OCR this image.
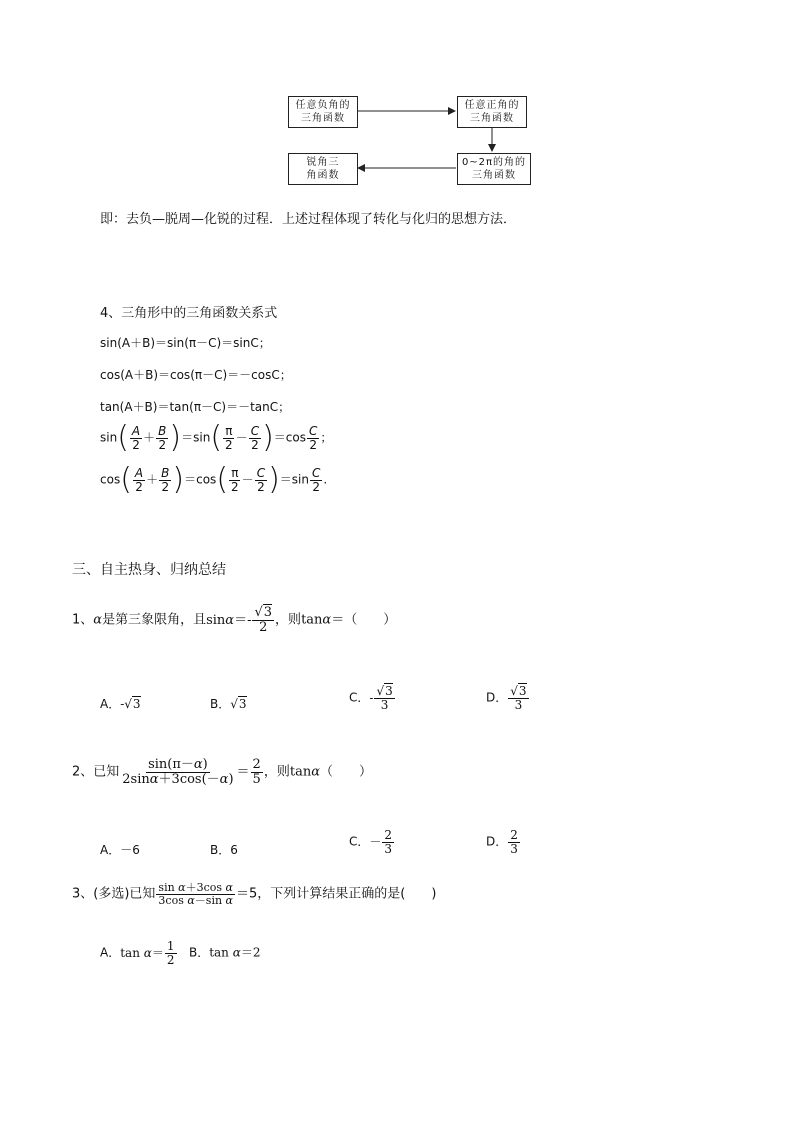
任意负角的
三角函数
任意正角的
三角函数
0~2π的角的
三角函数
锐角三
角函数
即：去负—脱周—化锐的过程．上述过程体现了转化与化归的思想方法．
4、三角形中的三角函数关系式
sin(A＋B)＝sin(π－C)＝sinC；
cos(A＋B)＝cos(π－C)＝－cosC；
tan(A＋B)＝tan(π－C)＝－tanC；
$\sin( \frac{A}{2} + \frac{B}{2} )=\sin( \frac{\pi}{2} - \frac{C}{2} )=\cos \frac{C}{2}$ ；
$\cos( \frac{A}{2} + \frac{B}{2} )=\cos( \frac{\pi}{2} - \frac{C}{2} )=\sin \frac{C}{2}$ .
三、自主热身、归纳总结
1、α是第三象限角，且$\sin\alpha=- \frac{√3}{2}$ ，则tanα＝（　　）
A．-√3	B．√3	C．- $\frac{√3}{3}$	D． $\frac{√3}{3}$
2、已知 $\frac{\sin(\pi-\alpha)}{2\sin\alpha+3\cos(-\alpha)} = \frac{2}{5}$ ，则tanα（　　）
A．－6	B．6
C．－ $\frac{2}{3}$	D． $\frac{2}{3}$
3、(多选)已知 $\frac{\text{sin α＋3cos α}}{\text{3cos α－sin α}} =5$，下列计算结果正确的是(　　)
A．$\tan \alpha= \frac{1}{2}$ B．tan α＝2
